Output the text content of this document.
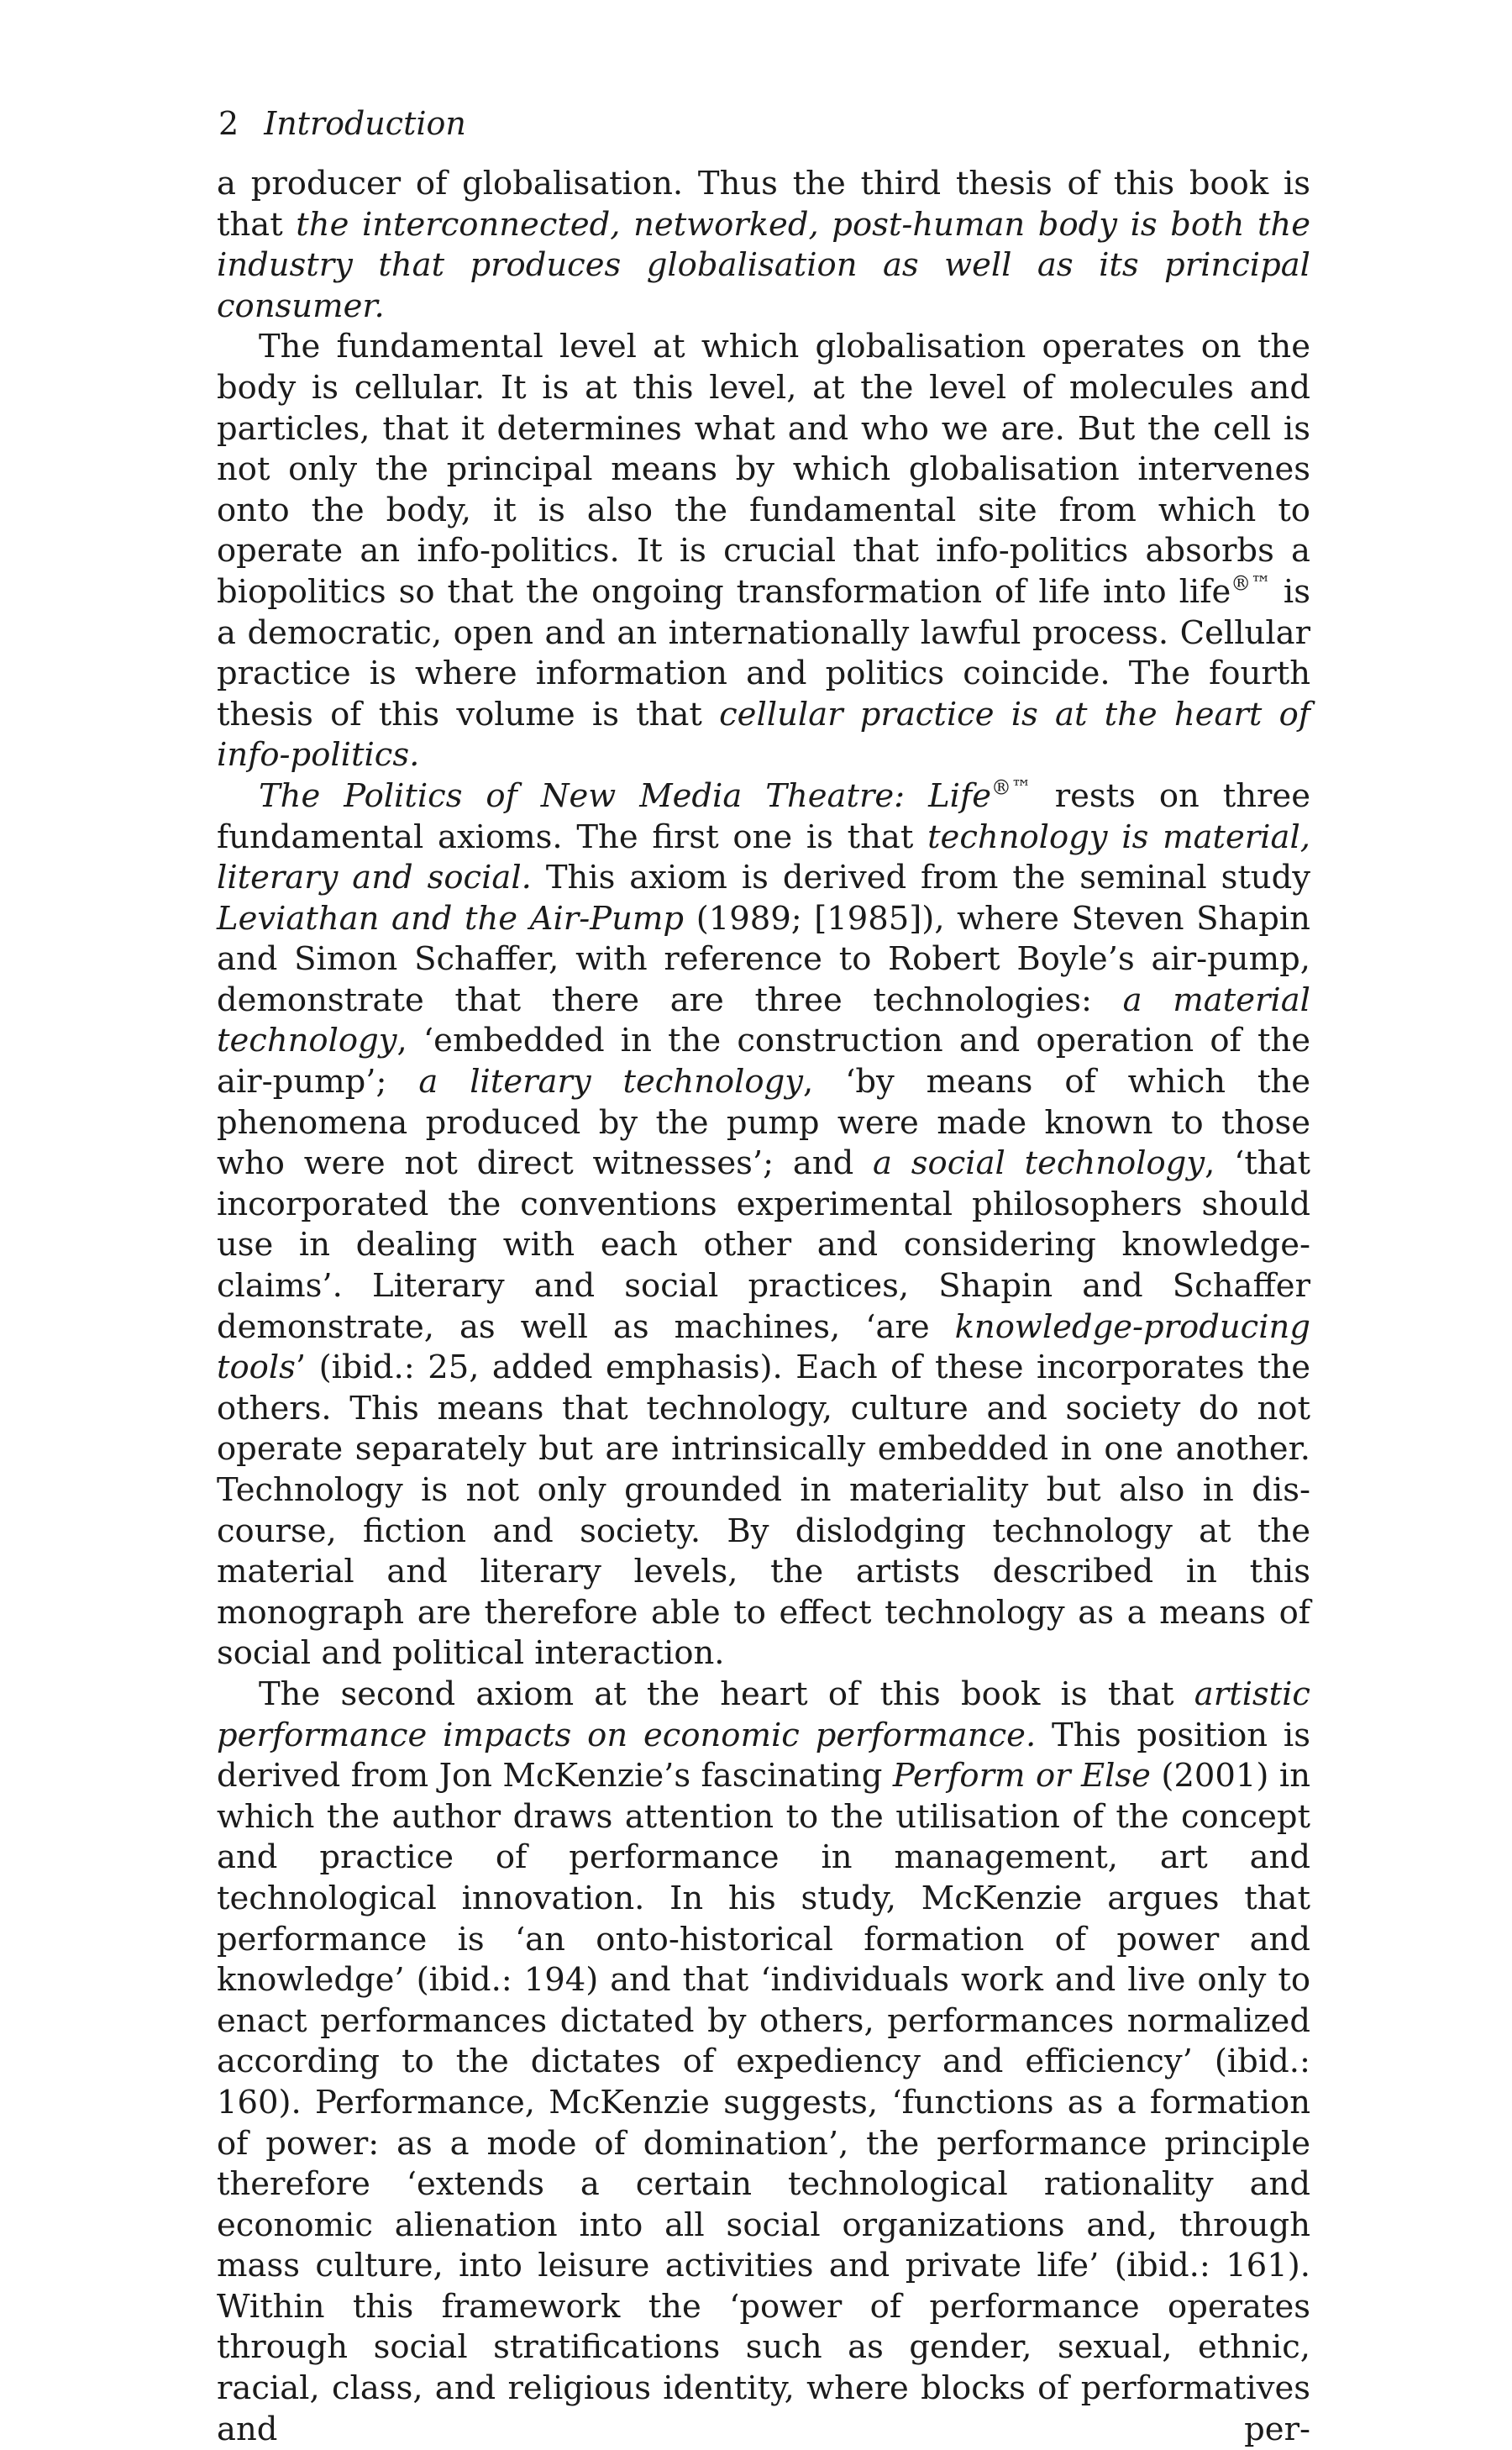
2 Introduction

a producer of globalisation. Thus the third thesis of this book is that the interconnected, networked, post-human body is both the industry that produces globalisation as well as its principal consumer.

The fundamental level at which globalisation operates on the body is cellular. It is at this level, at the level of molecules and particles, that it determines what and who we are. But the cell is not only the principal means by which globalisation intervenes onto the body, it is also the fundamental site from which to operate an info-politics. It is crucial that info-politics absorbs a biopolitics so that the ongoing transformation of life into life®™ is a democratic, open and an internationally lawful process. Cellular practice is where information and politics coincide. The fourth thesis of this volume is that cellular practice is at the heart of info-politics.

The Politics of New Media Theatre: Life®™ rests on three fundamental axioms. The first one is that technology is material, literary and social. This axiom is derived from the seminal study Leviathan and the Air-Pump (1989; [1985]), where Steven Shapin and Simon Schaffer, with reference to Robert Boyle’s air-pump, demonstrate that there are three technologies: a material technology, ‘embedded in the construction and operation of the air-pump’; a literary technology, ‘by means of which the phenomena produced by the pump were made known to those who were not direct witnesses’; and a social technology, ‘that incorporated the conventions experimental philosophers should use in dealing with each other and considering knowledge-claims’. Literary and social practices, Shapin and Schaffer demonstrate, as well as machines, ‘are knowledge-producing tools’ (ibid.: 25, added emphasis). Each of these incorporates the others. This means that technology, culture and society do not operate separately but are intrinsically embedded in one another. Technology is not only grounded in materiality but also in discourse, fiction and society. By dislodging technology at the material and literary levels, the artists described in this monograph are therefore able to effect technology as a means of social and political interaction.

The second axiom at the heart of this book is that artistic performance impacts on economic performance. This position is derived from Jon McKenzie’s fascinating Perform or Else (2001) in which the author draws attention to the utilisation of the concept and practice of performance in management, art and technological innovation. In his study, McKenzie argues that performance is ‘an onto-historical formation of power and knowledge’ (ibid.: 194) and that ‘individuals work and live only to enact performances dictated by others, performances normalized according to the dictates of expediency and efficiency’ (ibid.: 160). Performance, McKenzie suggests, ‘functions as a formation of power: as a mode of domination’, the performance principle therefore ‘extends a certain technological rationality and economic alienation into all social organizations and, through mass culture, into leisure activities and private life’ (ibid.: 161). Within this framework the ‘power of performance operates through social stratifications such as gender, sexual, ethnic, racial, class, and religious identity, where blocks of performatives and per-
